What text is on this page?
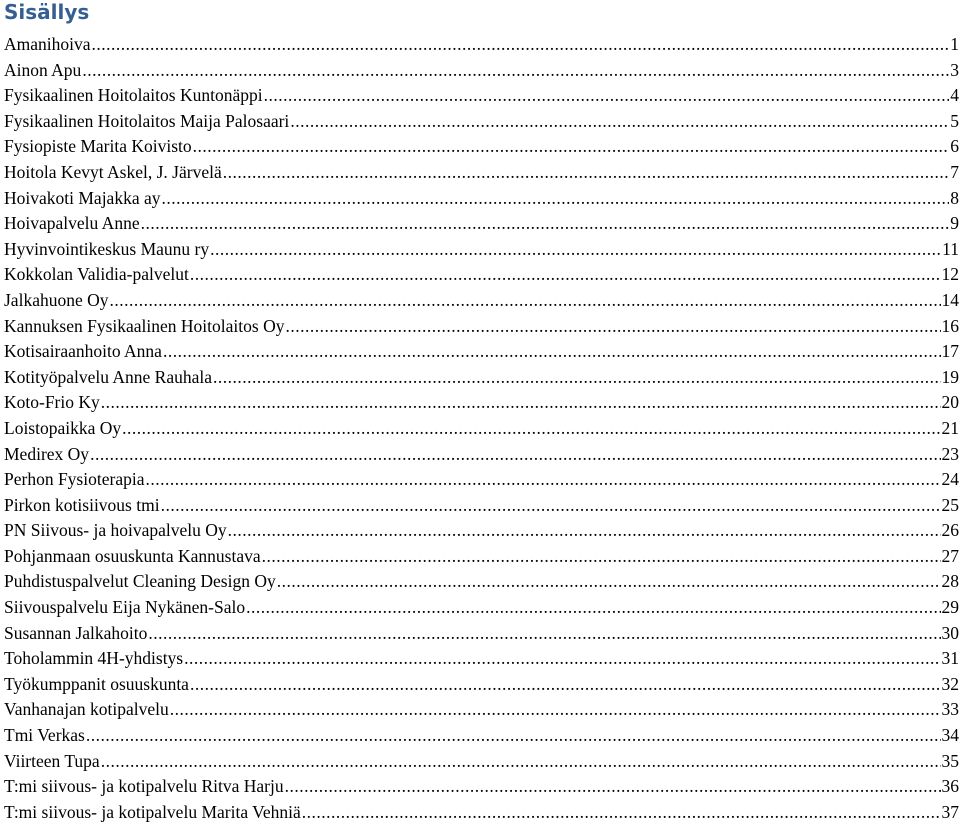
Sisällys
Amanihoiva .....	1
Ainon Apu .....	3
Fysikaalinen Hoitolaitos Kuntonäppi .....	4
Fysikaalinen Hoitolaitos Maija Palosaari .....	5
Fysiopiste Marita Koivisto .....	6
Hoitola Kevyt Askel, J. Järvelä .....	7
Hoivakoti Majakka ay .....	8
Hoivapalvelu Anne .....	9
Hyvinvointikeskus Maunu ry .....	11
Kokkolan Validia-palvelut .....	12
Jalkahuone Oy .....	14
Kannuksen Fysikaalinen Hoitolaitos Oy .....	16
Kotisairaanhoito Anna .....	17
Kotityöpalvelu Anne Rauhala .....	19
Koto-Frio Ky .....	20
Loistopaikka Oy .....	21
Medirex Oy .....	23
Perhon Fysioterapia .....	24
Pirkon kotisiivous tmi .....	25
PN Siivous- ja hoivapalvelu Oy .....	26
Pohjanmaan osuuskunta Kannustava .....	27
Puhdistuspalvelut Cleaning Design Oy .....	28
Siivouspalvelu Eija Nykänen-Salo .....	29
Susannan Jalkahoito .....	30
Toholammin 4H-yhdistys .....	31
Työkumppanit osuuskunta .....	32
Vanhanajan kotipalvelu .....	33
Tmi Verkas .....	34
Viirteen Tupa .....	35
T:mi siivous- ja kotipalvelu Ritva Harju .....	36
T:mi siivous- ja kotipalvelu Marita Vehniä .....	37
